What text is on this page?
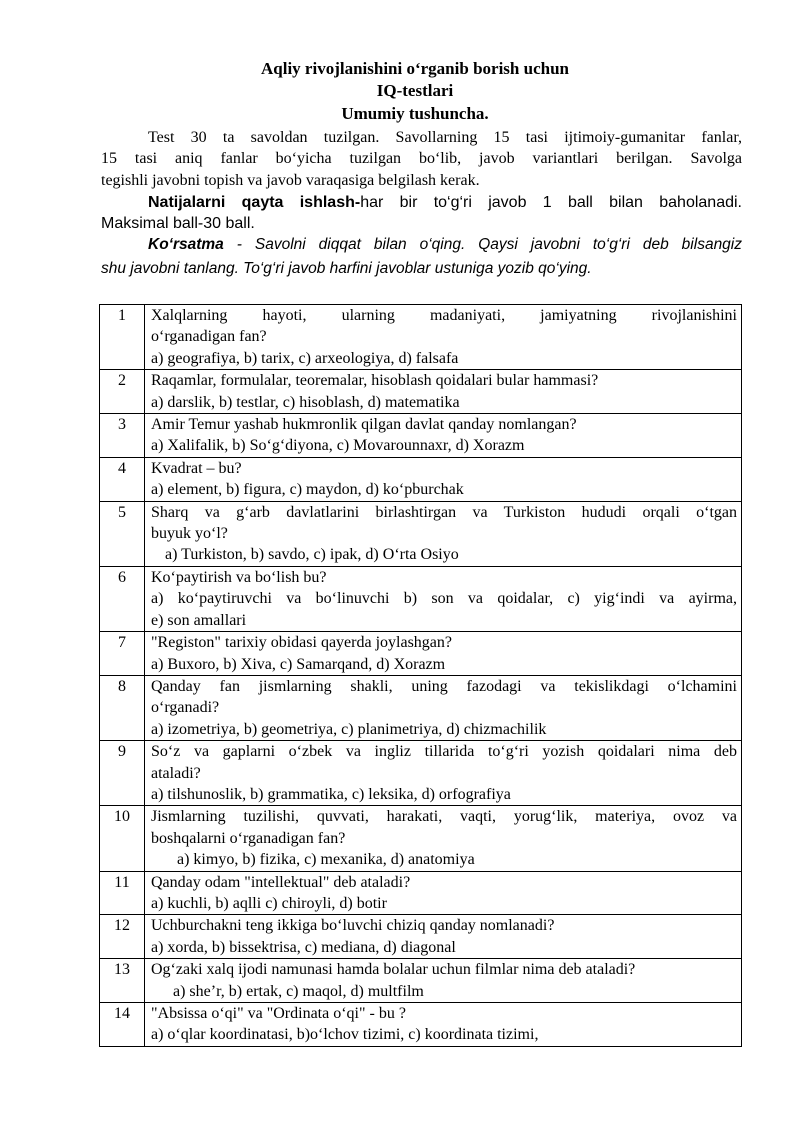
Aqliy rivojlanishini o‘rganib borish uchun
IQ-testlari
Umumiy tushuncha.
Test 30 ta savoldan tuzilgan. Savollarning 15 tasi ijtimoiy-gumanitar fanlar,
15 tasi aniq fanlar bo‘yicha tuzilgan bo‘lib, javob variantlari berilgan. Savolga
tegishli javobni topish va javob varaqasiga belgilash kerak.
Natijalarni qayta ishlash-har bir to‘g‘ri javob 1 ball bilan baholanadi.
Maksimal ball-30 ball.
Ko‘rsatma - Savolni diqqat bilan o‘qing. Qaysi javobni to‘g‘ri deb bilsangiz
shu javobni tanlang. To‘g‘ri javob harfini javoblar ustuniga yozib qo‘ying.
1	Xalqlarning hayoti, ularning madaniyati, jamiyatning rivojlanishini
o‘rganadigan fan?
a) geografiya, b) tarix, c) arxeologiya, d) falsafa

2	Raqamlar, formulalar, teoremalar, hisoblash qoidalari bular hammasi?
a) darslik, b) testlar, c) hisoblash, d) matematika

3	Amir Temur yashab hukmronlik qilgan davlat qanday nomlangan?
a) Xalifalik, b) So‘g‘diyona, c) Movarounnaxr, d) Xorazm

4	Kvadrat – bu?
a) element, b) figura, c) maydon, d) ko‘pburchak

5	Sharq va g‘arb davlatlarini birlashtirgan va Turkiston hududi orqali o‘tgan
buyuk yo‘l?
a) Turkiston, b) savdo, c) ipak, d) O‘rta Osiyo

6	Ko‘paytirish va bo‘lish bu?
a) ko‘paytiruvchi va bo‘linuvchi b) son va qoidalar, c) yig‘indi va ayirma,
e) son amallari

7	"Registon" tarixiy obidasi qayerda joylashgan?
a) Buxoro, b) Xiva, c) Samarqand, d) Xorazm

8	Qanday fan jismlarning shakli, uning fazodagi va tekislikdagi o‘lchamini
o‘rganadi?
a) izometriya, b) geometriya, c) planimetriya, d) chizmachilik

9	So‘z va gaplarni o‘zbek va ingliz tillarida to‘g‘ri yozish qoidalari nima deb
ataladi?
a) tilshunoslik, b) grammatika, c) leksika, d) orfografiya

10	Jismlarning tuzilishi, quvvati, harakati, vaqti, yorug‘lik, materiya, ovoz va
boshqalarni o‘rganadigan fan?
a) kimyo, b) fizika, c) mexanika, d) anatomiya

11	Qanday odam "intellektual" deb ataladi?
a) kuchli, b) aqlli c) chiroyli, d) botir

12	Uchburchakni teng ikkiga bo‘luvchi chiziq qanday nomlanadi?
a) xorda, b) bissektrisa, c) mediana, d) diagonal

13	Og‘zaki xalq ijodi namunasi hamda bolalar uchun filmlar nima deb ataladi?
a) she’r, b) ertak, c) maqol, d) multfilm

14	"Absissa o‘qi" va "Ordinata o‘qi" - bu ?
a) o‘qlar koordinatasi, b)o‘lchov tizimi, c) koordinata tizimi,
